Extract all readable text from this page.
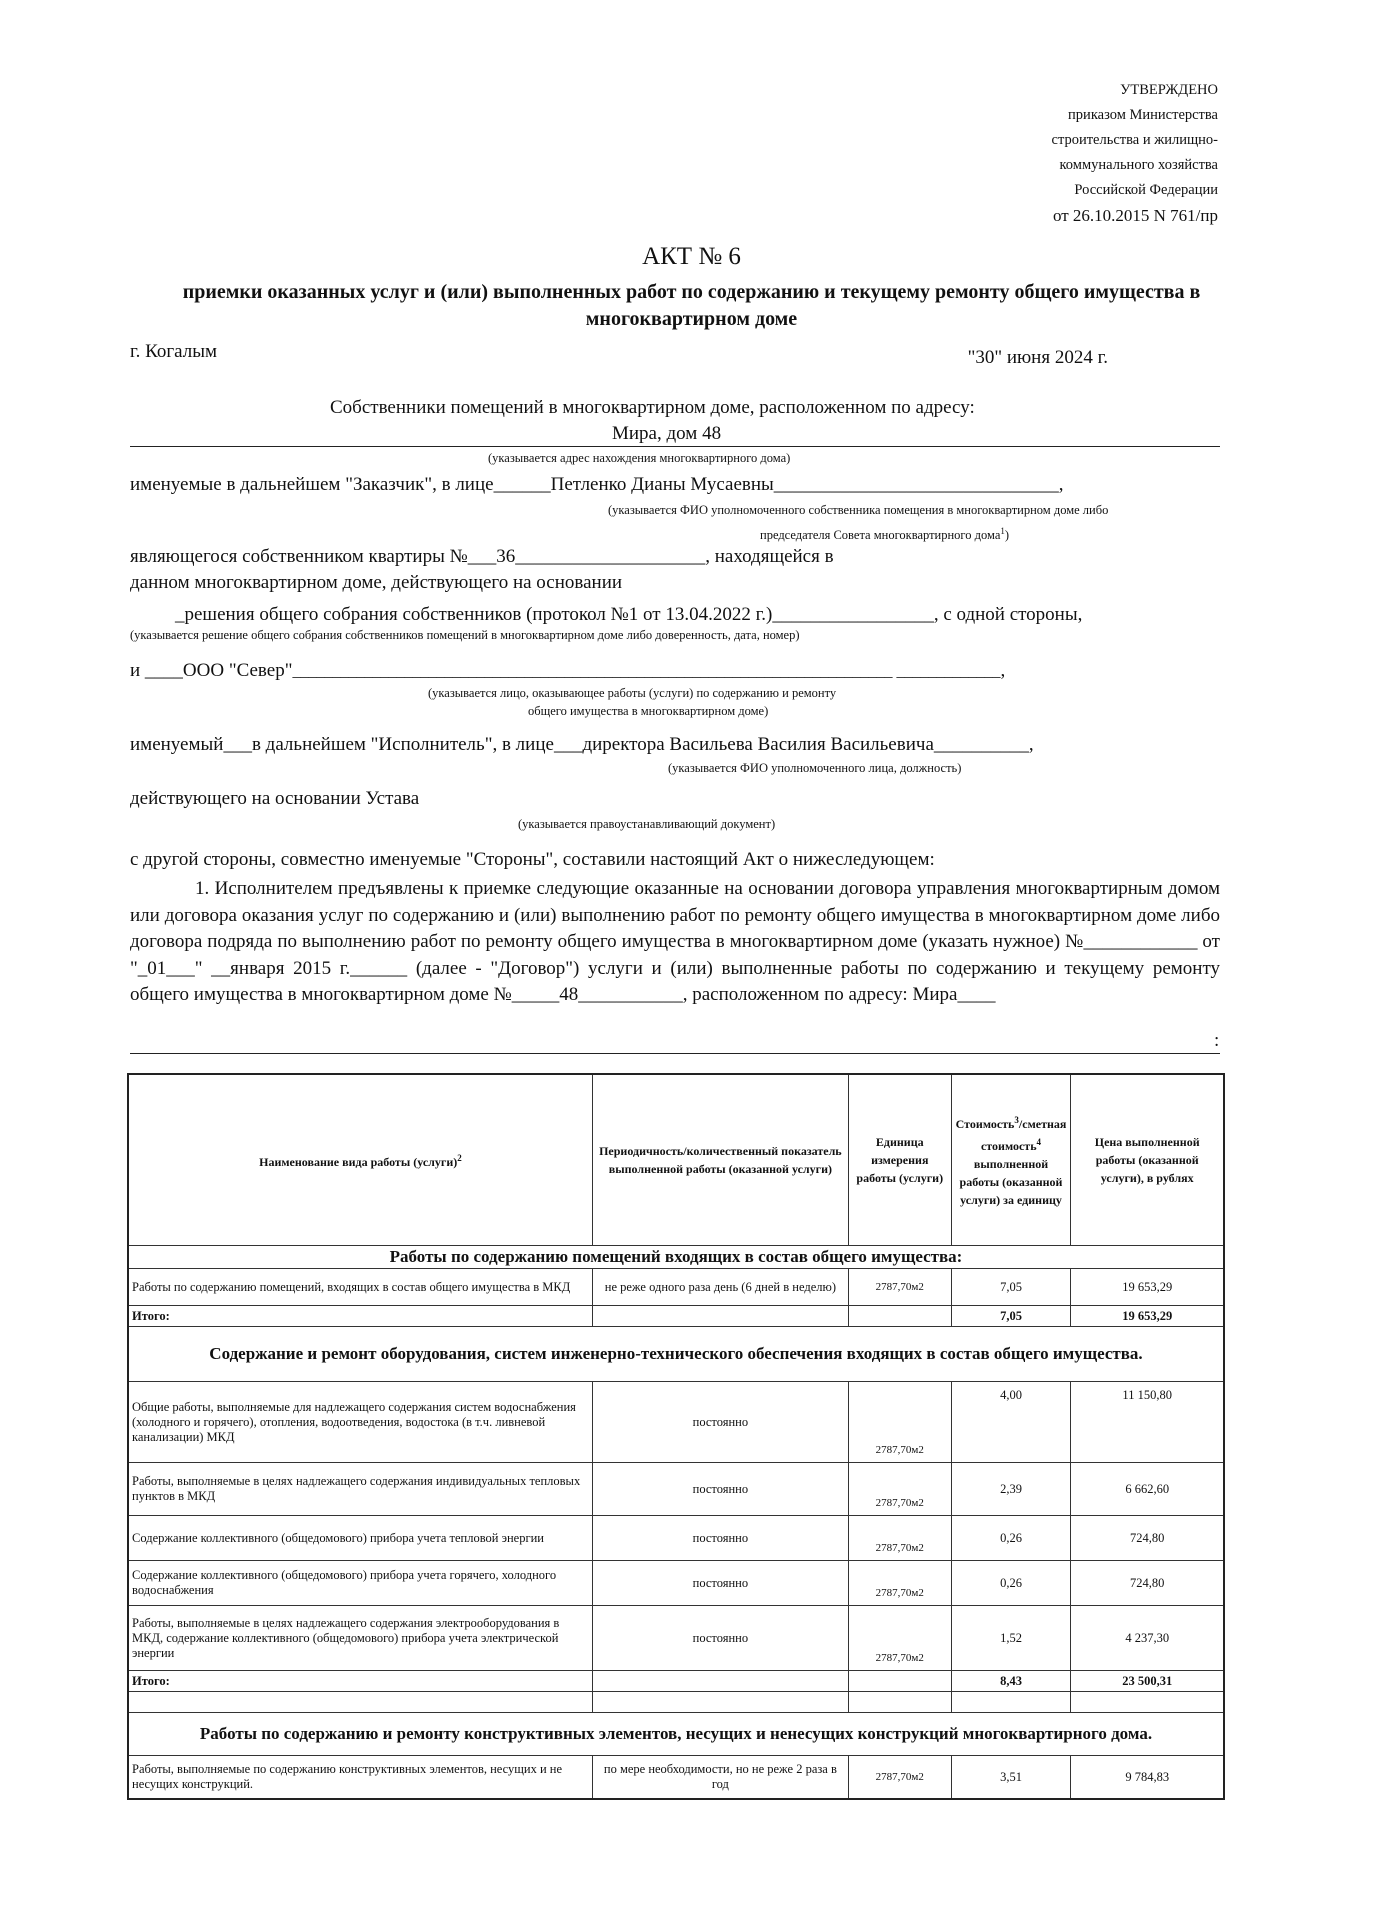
УТВЕРЖДЕНО
приказом Министерства
строительства и жилищно-
коммунального хозяйства
Российской Федерации
от 26.10.2015 N 761/пр
АКТ № 6
приемки оказанных услуг и (или) выполненных работ по содержанию и текущему ремонту общего имущества в многоквартирном доме
г. Когалым	"30" июня 2024 г.
Собственники помещений в многоквартирном доме, расположенном по адресу:
Мира, дом 48
(указывается адрес нахождения многоквартирного дома)
именуемые в дальнейшем "Заказчик", в лице______Петленко Дианы Мусаевны______________________________,
(указывается ФИО уполномоченного собственника помещения в многоквартирном доме либо
председателя Совета многоквартирного дома$^1$)
являющегося собственником квартиры №___36____________________, находящейся в
данном многоквартирном доме, действующего на основании
_решения общего собрания собственников (протокол №1 от 13.04.2022 г.)_________________, с одной стороны,
(указывается решение общего собрания собственников помещений в многоквартирном доме либо доверенность, дата, номер)
и ____ООО "Север"___________________________________________________________________________ _____________,
(указывается лицо, оказывающее работы (услуги) по содержанию и ремонту
общего имущества в многоквартирном доме)
именуемый___в дальнейшем "Исполнитель", в лице___директора Васильева Василия Васильевича__________,
(указывается ФИО уполномоченного лица, должность)
действующего на основании Устава
(указывается правоустанавливающий документ)
с другой стороны, совместно именуемые "Стороны", составили настоящий Акт о нижеследующем:
1. Исполнителем предъявлены к приемке следующие оказанные на основании договора управления многоквартирным домом или договора оказания услуг по содержанию и (или) выполнению работ по ремонту общего имущества в многоквартирном доме либо договора подряда по выполнению работ по ремонту общего имущества в многоквартирном доме (указать нужное) №____________ от "_01___" __января 2015 г.______ (далее - "Договор") услуги и (или) выполненные работы по содержанию и текущему ремонту общего имущества в многоквартирном доме №_____48___________, расположенном по адресу: Мира____
:
Наименование вида работы (услуги)$^2$	Периодичность/количественный показатель выполненной работы (оказанной услуги)	Единица измерения работы (услуги)	Стоимость$^3$/сметная стоимость$^4$ выполненной работы (оказанной услуги) за единицу	Цена выполненной работы (оказанной услуги), в рублях
Работы по содержанию помещений входящих в состав общего имущества:				
Работы по содержанию помещений, входящих в состав общего имущества в МКД	не реже одного раза день (6 дней в неделю)	2787,70м2	7,05	19 653,29
Итого:			7,05	19 653,29
Содержание и ремонт оборудования, систем инженерно-технического обеспечения входящих в состав общего имущества.				
Общие работы, выполняемые для надлежащего содержания систем водоснабжения (холодного и горячего), отопления, водоотведения, водостока (в т.ч. ливневой канализации) МКД	постоянно	2787,70м2	4,00	11 150,80
Работы, выполняемые в целях надлежащего содержания индивидуальных тепловых пунктов в МКД	постоянно	2787,70м2	2,39	6 662,60
Содержание коллективного (общедомового) прибора учета тепловой энергии	постоянно	2787,70м2	0,26	724,80
Содержание коллективного (общедомового) прибора учета горячего, холодного водоснабжения	постоянно	2787,70м2	0,26	724,80
Работы, выполняемые в целях надлежащего содержания электрооборудования в МКД, содержание коллективного (общедомового) прибора учета электрической энергии	постоянно	2787,70м2	1,52	4 237,30
Итого:			8,43	23 500,31

Работы по содержанию и ремонту конструктивных элементов, несущих и ненесущих конструкций многоквартирного дома.				
Работы, выполняемые по содержанию конструктивных элементов, несущих и не несущих конструкций.	по мере необходимости, но не реже 2 раза в год	2787,70м2	3,51	9 784,83
